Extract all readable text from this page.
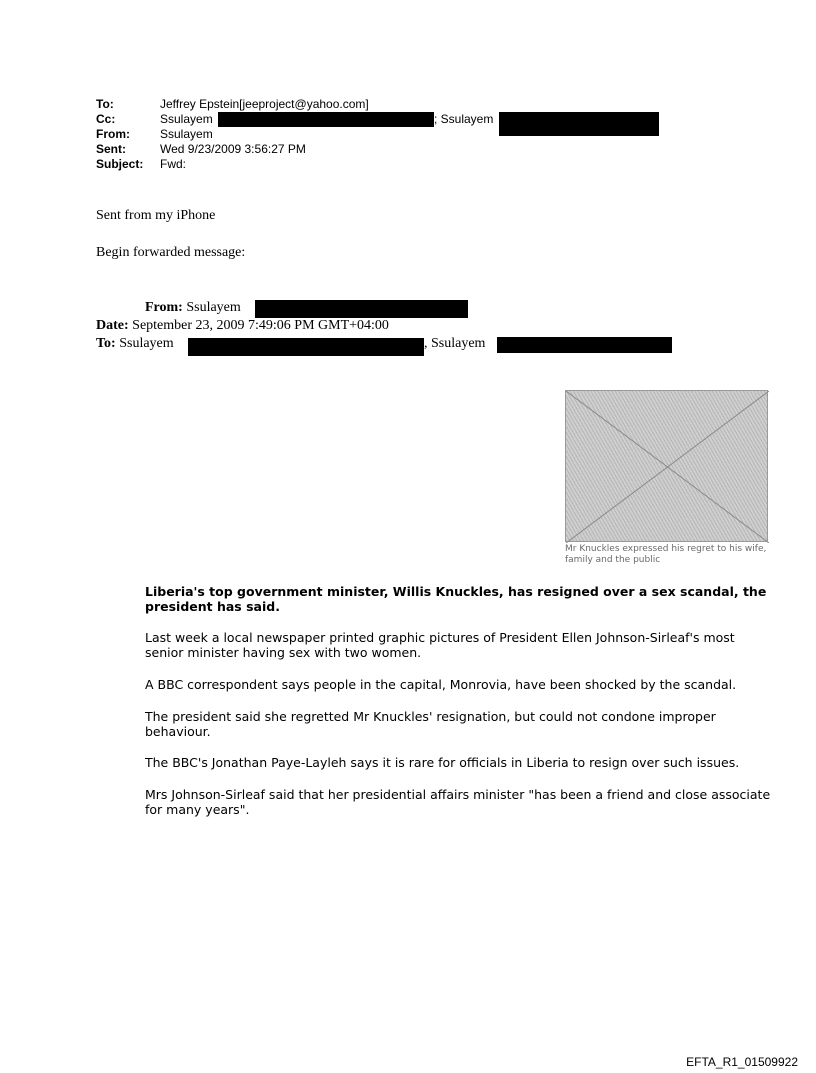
To:	Jeffrey Epstein[jeeproject@yahoo.com]
Cc:	Ssulayem	; Ssulayem
From:	Ssulayem
Sent:	Wed 9/23/2009 3:56:27 PM
Subject: Fwd:
Sent from my iPhone
Begin forwarded message:
From: Ssulayem
Date: September 23, 2009 7:49:06 PM GMT+04:00
To: Ssulayem	, Ssulayem
Mr Knuckles expressed his regret to his wife, family and the public

Liberia's top government minister, Willis Knuckles, has resigned over a sex scandal, the president has said.

Last week a local newspaper printed graphic pictures of President Ellen Johnson-Sirleaf's most senior minister having sex with two women.
A BBC correspondent says people in the capital, Monrovia, have been shocked by the scandal.
The president said she regretted Mr Knuckles' resignation, but could not condone improper behaviour.
The BBC's Jonathan Paye-Layleh says it is rare for officials in Liberia to resign over such issues.
Mrs Johnson-Sirleaf said that her presidential affairs minister "has been a friend and close associate for many years".
EFTA_R1_01509922
